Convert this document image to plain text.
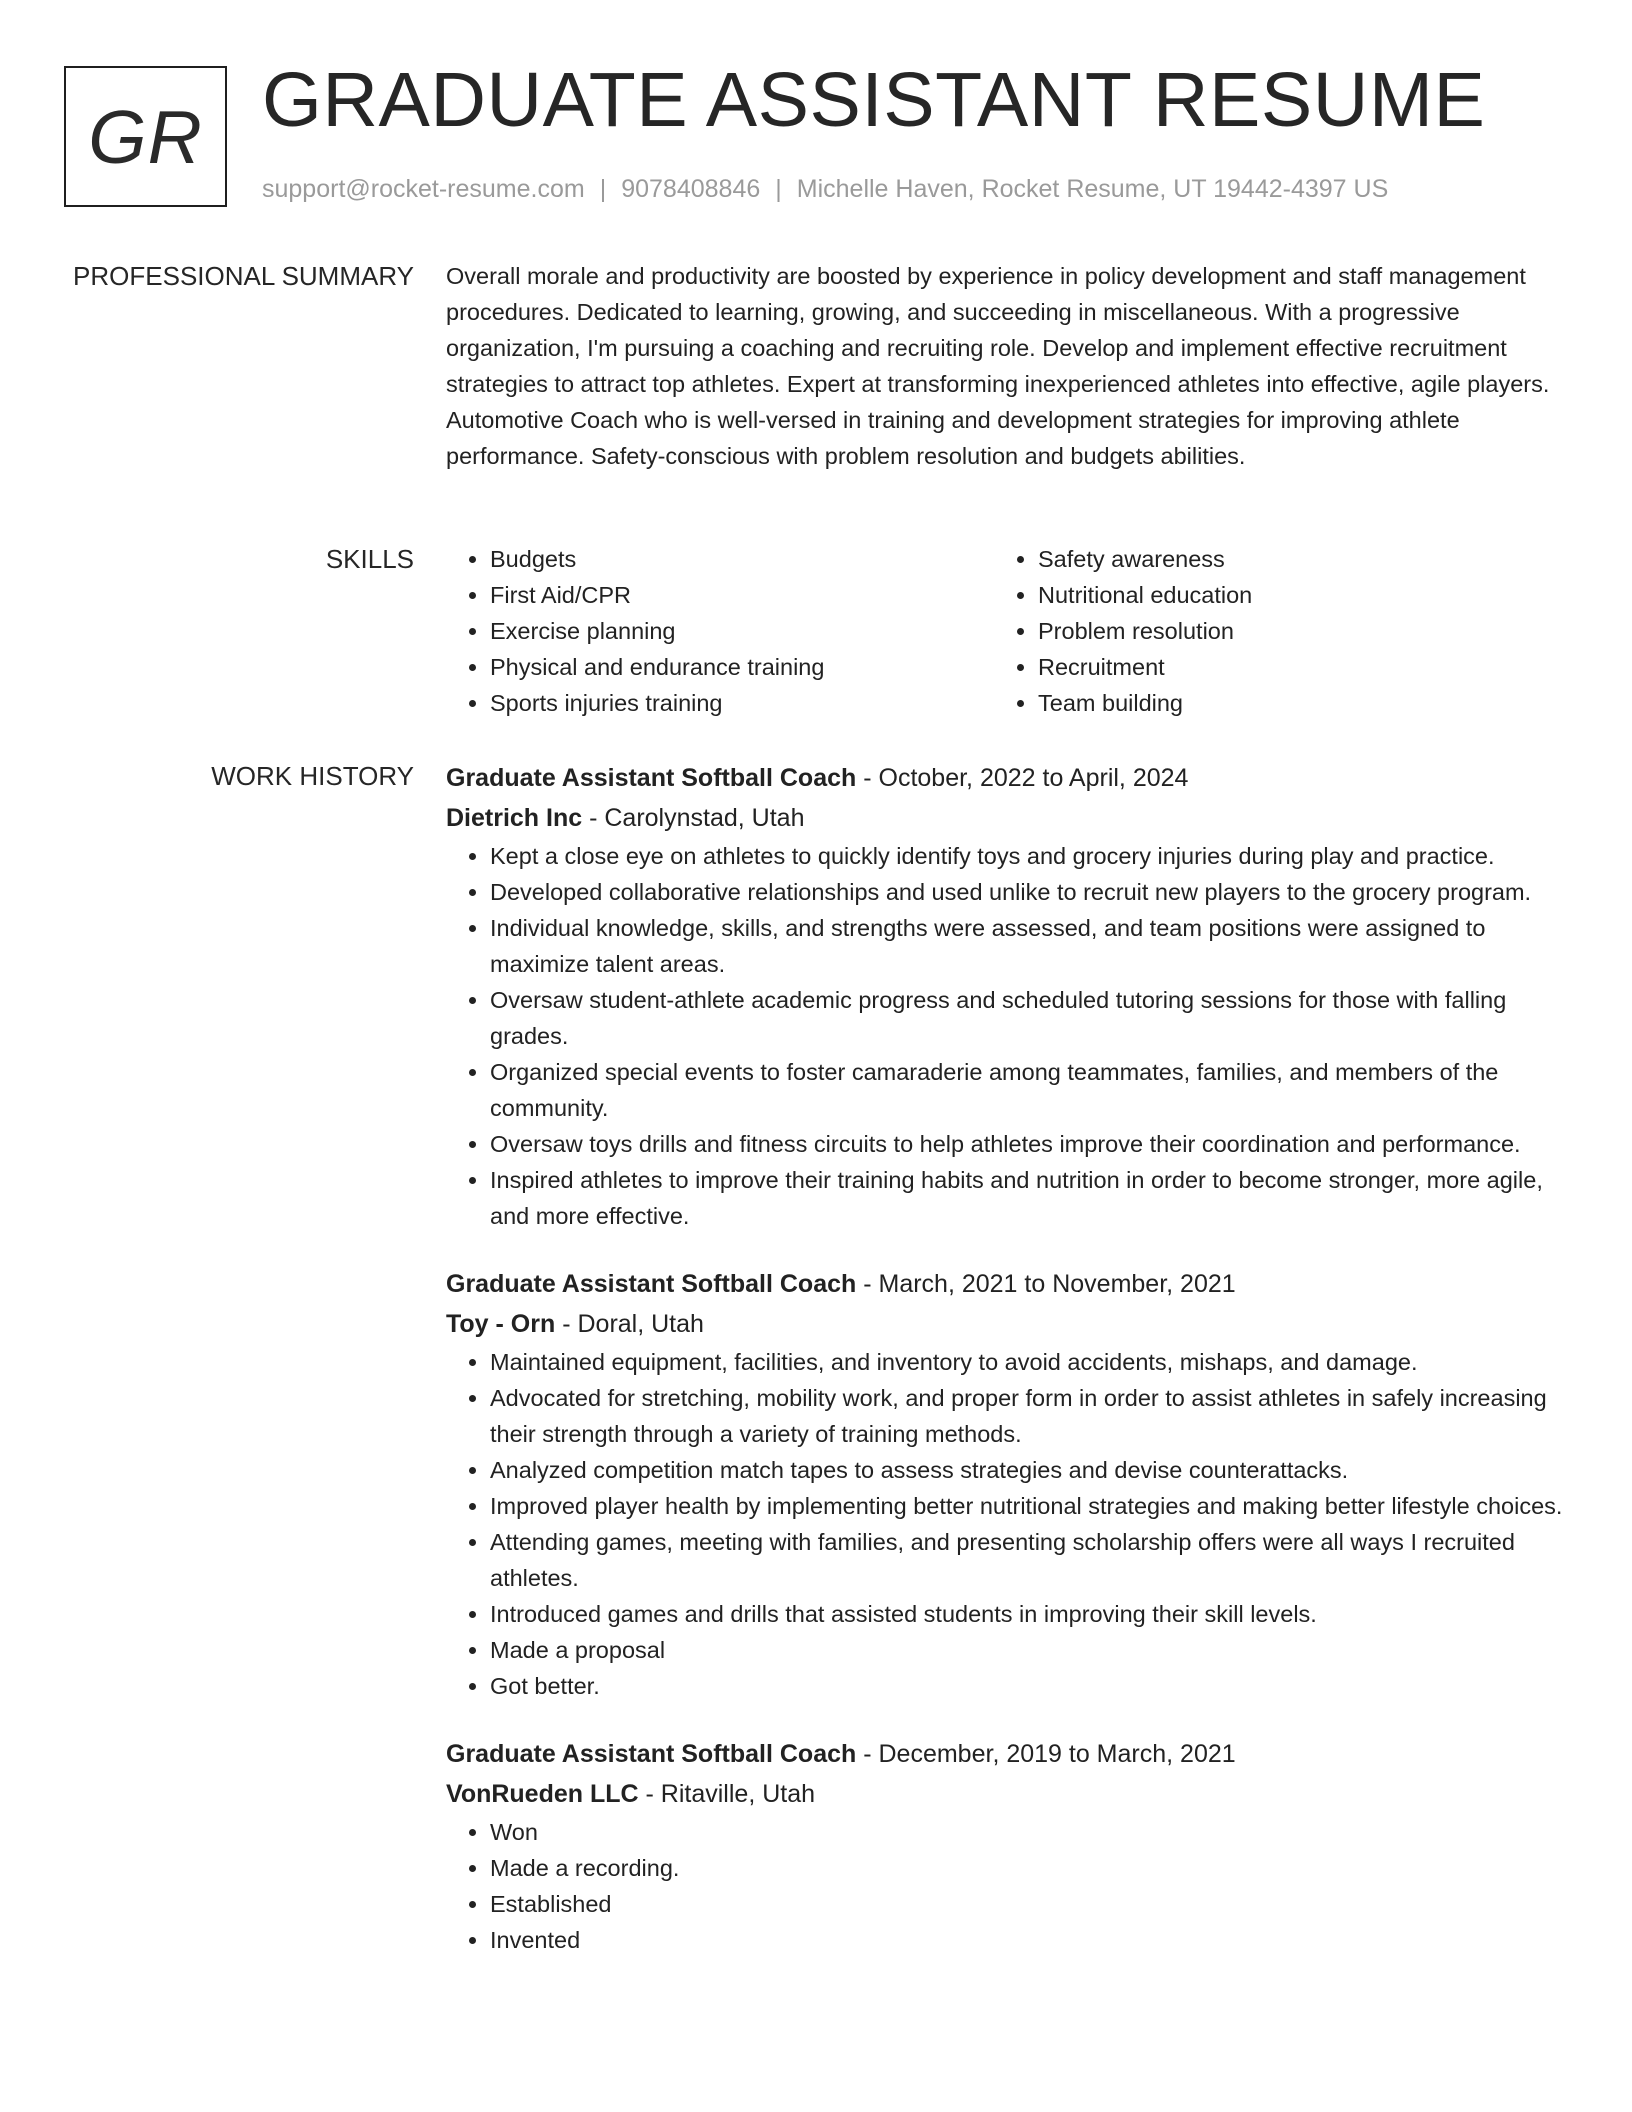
GR GRADUATE ASSISTANT RESUME
support@rocket-resume.com | 9078408846 | Michelle Haven, Rocket Resume, UT 19442-4397 US
PROFESSIONAL SUMMARY Overall morale and productivity are boosted by experience in policy development and staff management procedures. Dedicated to learning, growing, and succeeding in miscellaneous. With a progressive organization, I'm pursuing a coaching and recruiting role. Develop and implement effective recruitment strategies to attract top athletes. Expert at transforming inexperienced athletes into effective, agile players. Automotive Coach who is well-versed in training and development strategies for improving athlete performance. Safety-conscious with problem resolution and budgets abilities.

SKILLS
•	Budgets
• First Aid/CPR
• Exercise planning
• Physical and endurance training
• Sports injuries training
• Safety awareness
• Nutritional education
• Problem resolution
• Recruitment
• Team building
WORK HISTORY Graduate Assistant Softball Coach - October, 2022 to April, 2024
Dietrich Inc - Carolynstad, Utah
• Kept a close eye on athletes to quickly identify toys and grocery injuries during play and practice.
• Developed collaborative relationships and used unlike to recruit new players to the grocery program.
• Individual knowledge, skills, and strengths were assessed, and team positions were assigned to maximize talent areas.
• Oversaw student-athlete academic progress and scheduled tutoring sessions for those with falling grades.
• Organized special events to foster camaraderie among teammates, families, and members of the community.
• Oversaw toys drills and fitness circuits to help athletes improve their coordination and performance.
• Inspired athletes to improve their training habits and nutrition in order to become stronger, more agile, and more effective.
Graduate Assistant Softball Coach - March, 2021 to November, 2021
Toy - Orn - Doral, Utah
• Maintained equipment, facilities, and inventory to avoid accidents, mishaps, and damage.
• Advocated for stretching, mobility work, and proper form in order to assist athletes in safely increasing their strength through a variety of training methods.
• Analyzed competition match tapes to assess strategies and devise counterattacks.
• Improved player health by implementing better nutritional strategies and making better lifestyle choices.
• Attending games, meeting with families, and presenting scholarship offers were all ways I recruited athletes.
• Introduced games and drills that assisted students in improving their skill levels.
• Made a proposal
• Got better.
Graduate Assistant Softball Coach - December, 2019 to March, 2021
VonRueden LLC - Ritaville, Utah
• Won
• Made a recording.
• Established
• Invented
